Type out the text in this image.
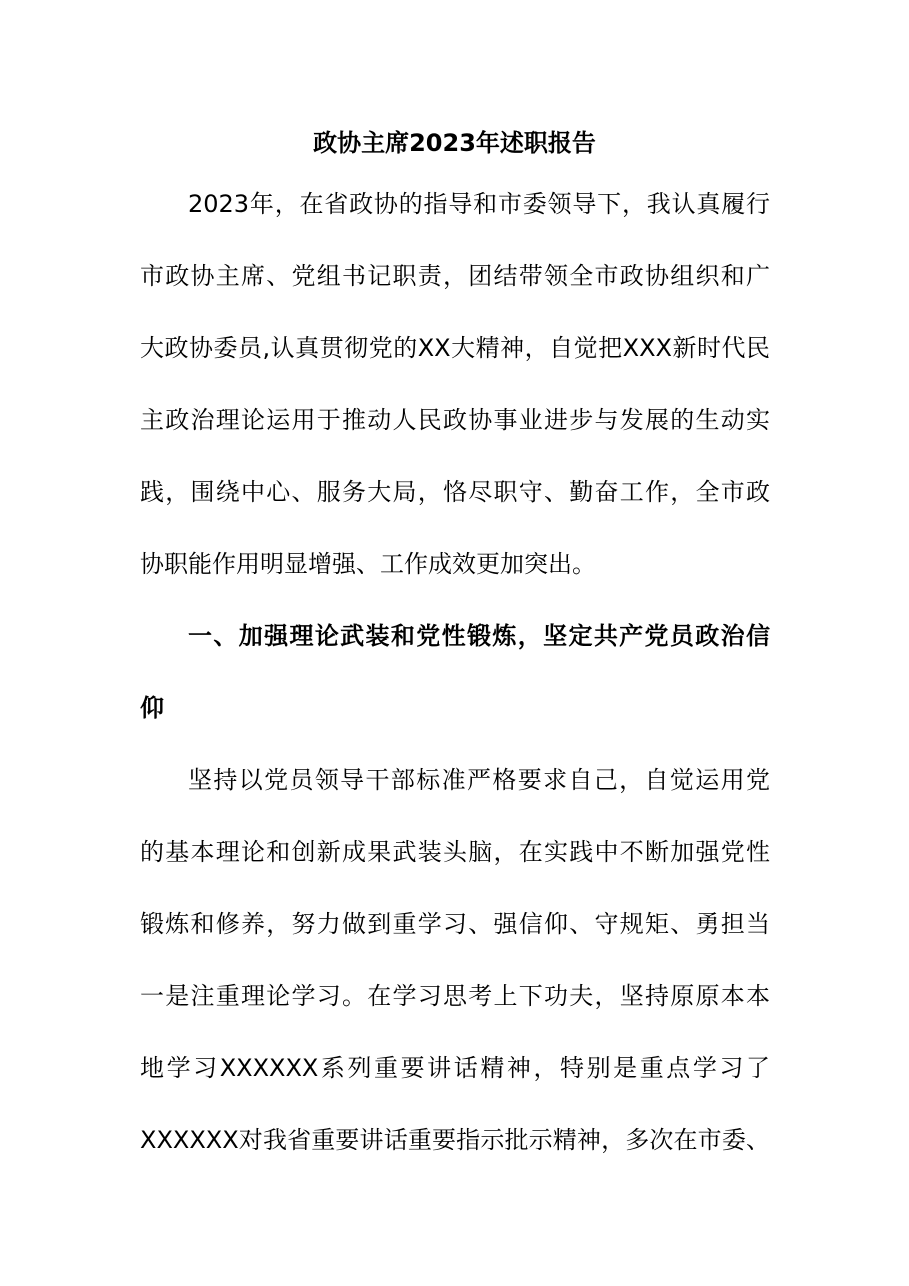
政协主席2023年述职报告
2023年，在省政协的指导和市委领导下，我认真履行
市政协主席、党组书记职责，团结带领全市政协组织和广
大政协委员,认真贯彻党的XX大精神，自觉把XXX新时代民
主政治理论运用于推动人民政协事业进步与发展的生动实
践，围绕中心、服务大局，恪尽职守、勤奋工作，全市政
协职能作用明显增强、工作成效更加突出。
一、加强理论武装和党性锻炼，坚定共产党员政治信
仰
坚持以党员领导干部标准严格要求自己，自觉运用党
的基本理论和创新成果武装头脑，在实践中不断加强党性
锻炼和修养，努力做到重学习、强信仰、守规矩、勇担当
一是注重理论学习。在学习思考上下功夫，坚持原原本本
地学习XXXXXX系列重要讲话精神，特别是重点学习了
XXXXXX对我省重要讲话重要指示批示精神，多次在市委、
